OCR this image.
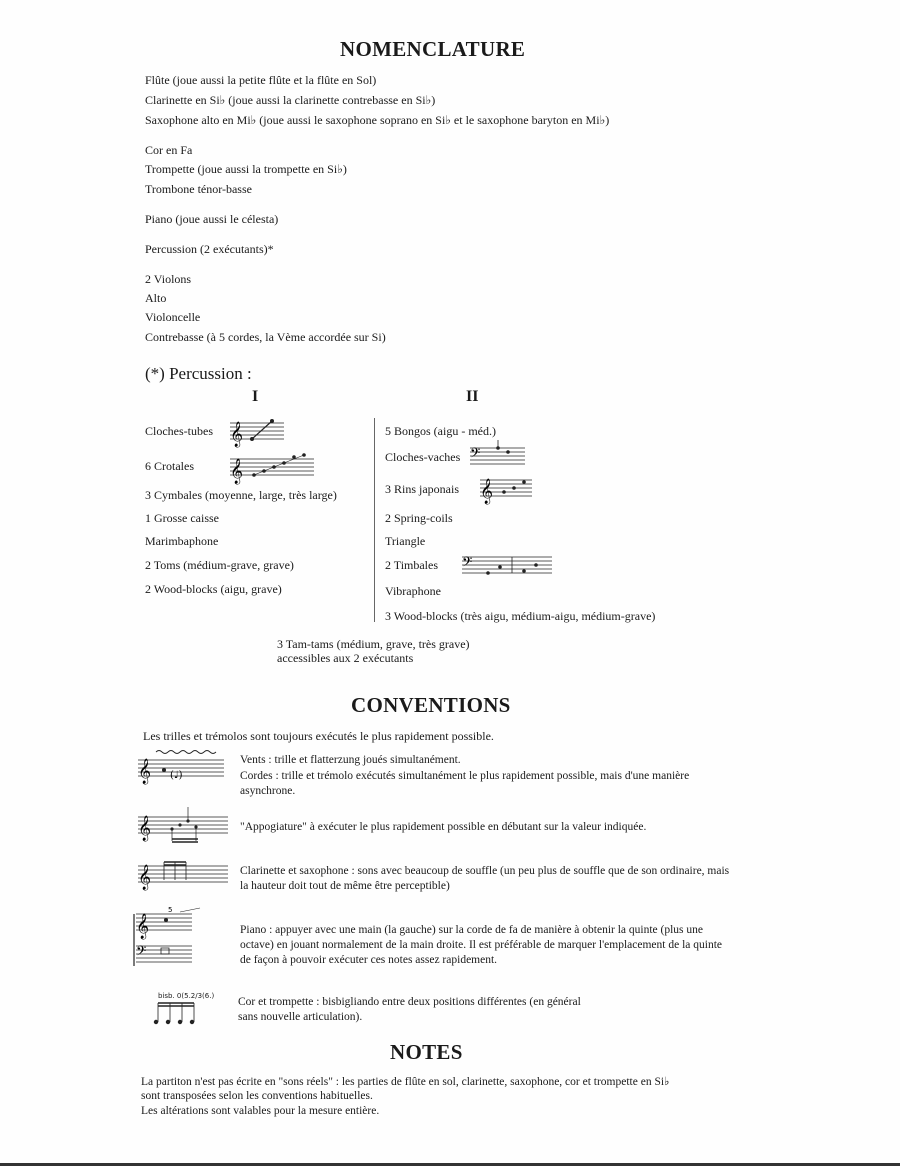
NOMENCLATURE
Flûte (joue aussi la petite flûte et la flûte en Sol)
Clarinette en Si♭ (joue aussi la clarinette contrebasse en Si♭)
Saxophone alto en Mi♭ (joue aussi le saxophone soprano en Si♭ et le saxophone baryton en Mi♭)
Cor en Fa
Trompette (joue aussi la trompette en Si♭)
Trombone ténor-basse
Piano (joue aussi le célesta)
Percussion (2 exécutants)*
2 Violons
Alto
Violoncelle
Contrebasse (à 5 cordes, la Vème accordée sur Si)
(*) Percussion :
I	II
Cloches-tubes
6 Crotales
3 Cymbales (moyenne, large, très large)
1 Grosse caisse
Marimbaphone
2 Toms (médium-grave, grave)
2 Wood-blocks (aigu, grave)
𝄞
𝄞
5 Bongos (aigu - méd.)
Cloches-vaches
3 Rins japonais
2 Spring-coils
Triangle
2 Timbales
Vibraphone
3 Wood-blocks (très aigu, médium-aigu, médium-grave)
𝄢
𝄞
𝄢
3 Tam-tams (médium, grave, très grave)
accessibles aux 2 exécutants
CONVENTIONS
Les trilles et trémolos sont toujours exécutés le plus rapidement possible.
𝄞 (♩)
Vents : trille et flatterzung joués simultanément.
Cordes : trille et trémolo exécutés simultanément le plus rapidement possible, mais d'une manière asynchrone.
𝄞	"Appogiature" à exécuter le plus rapidement possible en débutant sur la valeur indiquée.
𝄞	Clarinette et saxophone : sons avec beaucoup de souffle (un peu plus de souffle que de son ordinaire, mais la hauteur doit tout de même être perceptible)
𝄞
5
𝄢
Piano : appuyer avec une main (la gauche) sur la corde de fa de manière à obtenir la quinte (plus une octave) en jouant normalement de la main droite. Il est préférable de marquer l'emplacement de la quinte de façon à pouvoir exécuter ces notes assez rapidement.
bisb. 0(5.2/3(6.) Cor et trompette : bisbigliando entre deux positions différentes (en général sans nouvelle articulation).
NOTES
La partiton n'est pas écrite en "sons réels" : les parties de flûte en sol, clarinette, saxophone, cor et trompette en Si♭
sont transposées selon les conventions habituelles.
Les altérations sont valables pour la mesure entière.
